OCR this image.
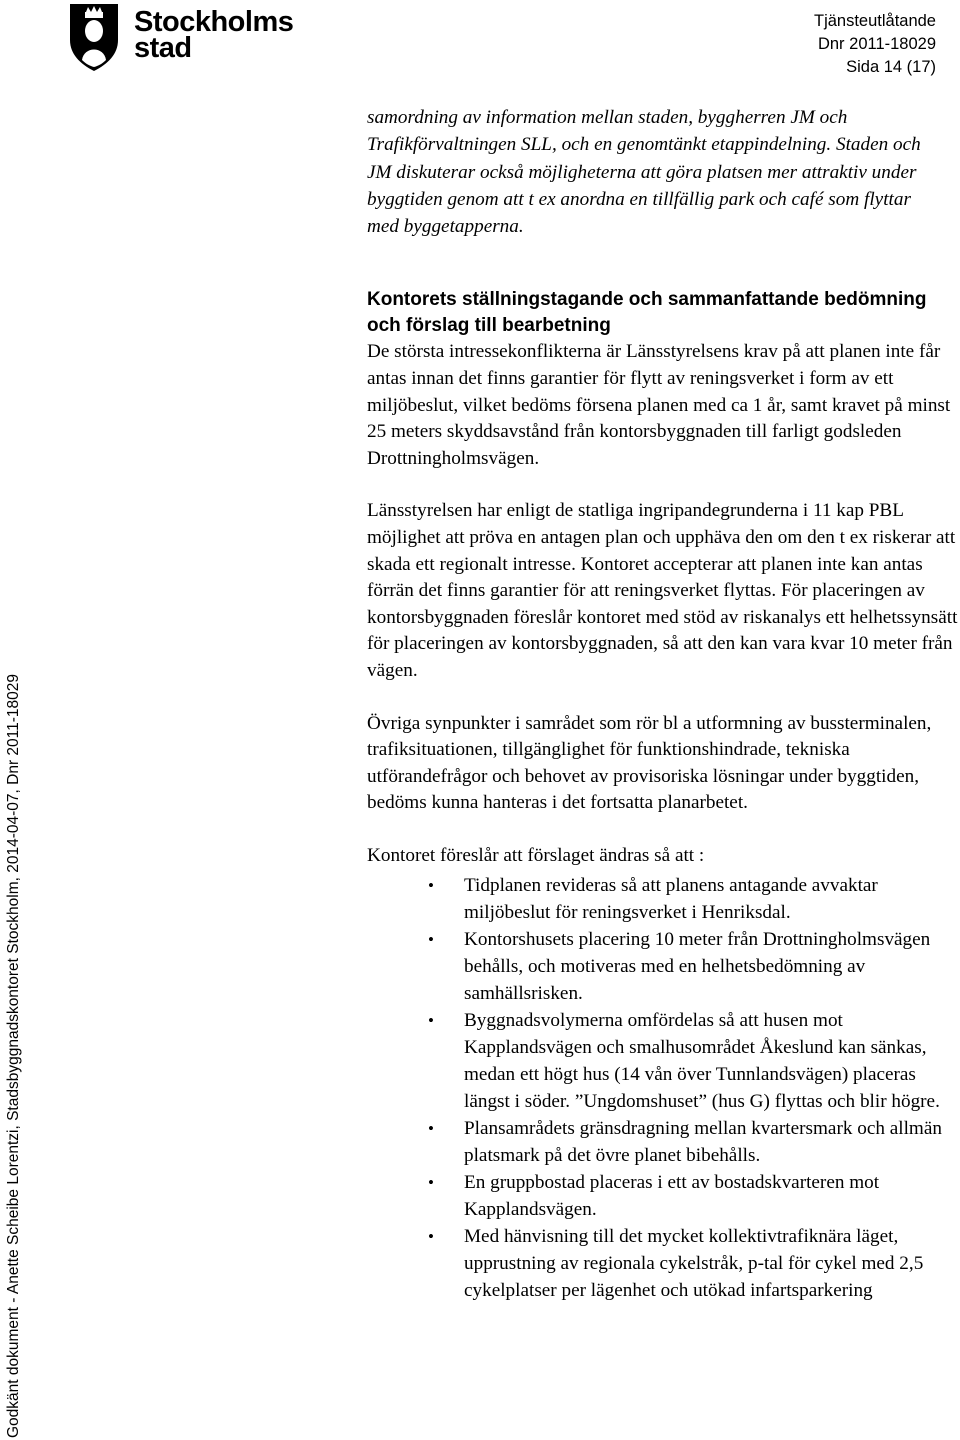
Stockholms
stad
Tjänsteutlåtande
Dnr 2011-18029
Sida 14 (17)
Godkänt dokument - Anette Scheibe Lorentzi, Stadsbyggnadskontoret Stockholm, 2014-04-07, Dnr 2011-18029

samordning av information mellan staden, byggherren JM och Trafikförvaltningen SLL, och en genomtänkt etappindelning. Staden och JM diskuterar också möjligheterna att göra platsen mer attraktiv under byggtiden genom att t ex anordna en tillfällig park och café som flyttar med byggetapperna.

Kontorets ställningstagande och sammanfattande bedömning och förslag till bearbetning

De största intressekonflikterna är Länsstyrelsens krav på att planen inte får antas innan det finns garantier för flytt av reningsverket i form av ett miljöbeslut, vilket bedöms försena planen med ca 1 år, samt kravet på minst 25 meters skyddsavstånd från kontorsbyggnaden till farligt godsleden Drottningholmsvägen.

Länsstyrelsen har enligt de statliga ingripandegrunderna i 11 kap PBL möjlighet att pröva en antagen plan och upphäva den om den t ex riskerar att skada ett regionalt intresse. Kontoret accepterar att planen inte kan antas förrän det finns garantier för att reningsverket flyttas. För placeringen av kontorsbyggnaden föreslår kontoret med stöd av riskanalys ett helhetssynsätt för placeringen av kontorsbyggnaden, så att den kan vara kvar 10 meter från vägen.

Övriga synpunkter i samrådet som rör bl a utformning av bussterminalen, trafiksituationen, tillgänglighet för funktionshindrade, tekniska utförandefrågor och behovet av provisoriska lösningar under byggtiden, bedöms kunna hanteras i det fortsatta planarbetet.

Kontoret föreslår att förslaget ändras så att :

• Tidplanen revideras så att planens antagande avvaktar miljöbeslut för reningsverket i Henriksdal.
• Kontorshusets placering 10 meter från Drottningholmsvägen behålls, och motiveras med en helhetsbedömning av samhällsrisken.
• Byggnadsvolymerna omfördelas så att husen mot Kapplandsvägen och smalhusområdet Åkeslund kan sänkas, medan ett högt hus (14 vån över Tunnlandsvägen) placeras längst i söder. ”Ungdomshuset” (hus G) flyttas och blir högre.
• Plansamrådets gränsdragning mellan kvartersmark och allmän platsmark på det övre planet bibehålls.
• En gruppbostad placeras i ett av bostadskvarteren mot Kapplandsvägen.
• Med hänvisning till det mycket kollektivtrafiknära läget, upprustning av regionala cykelstråk, p-tal för cykel med 2,5 cykelplatser per lägenhet och utökad infartsparkering
